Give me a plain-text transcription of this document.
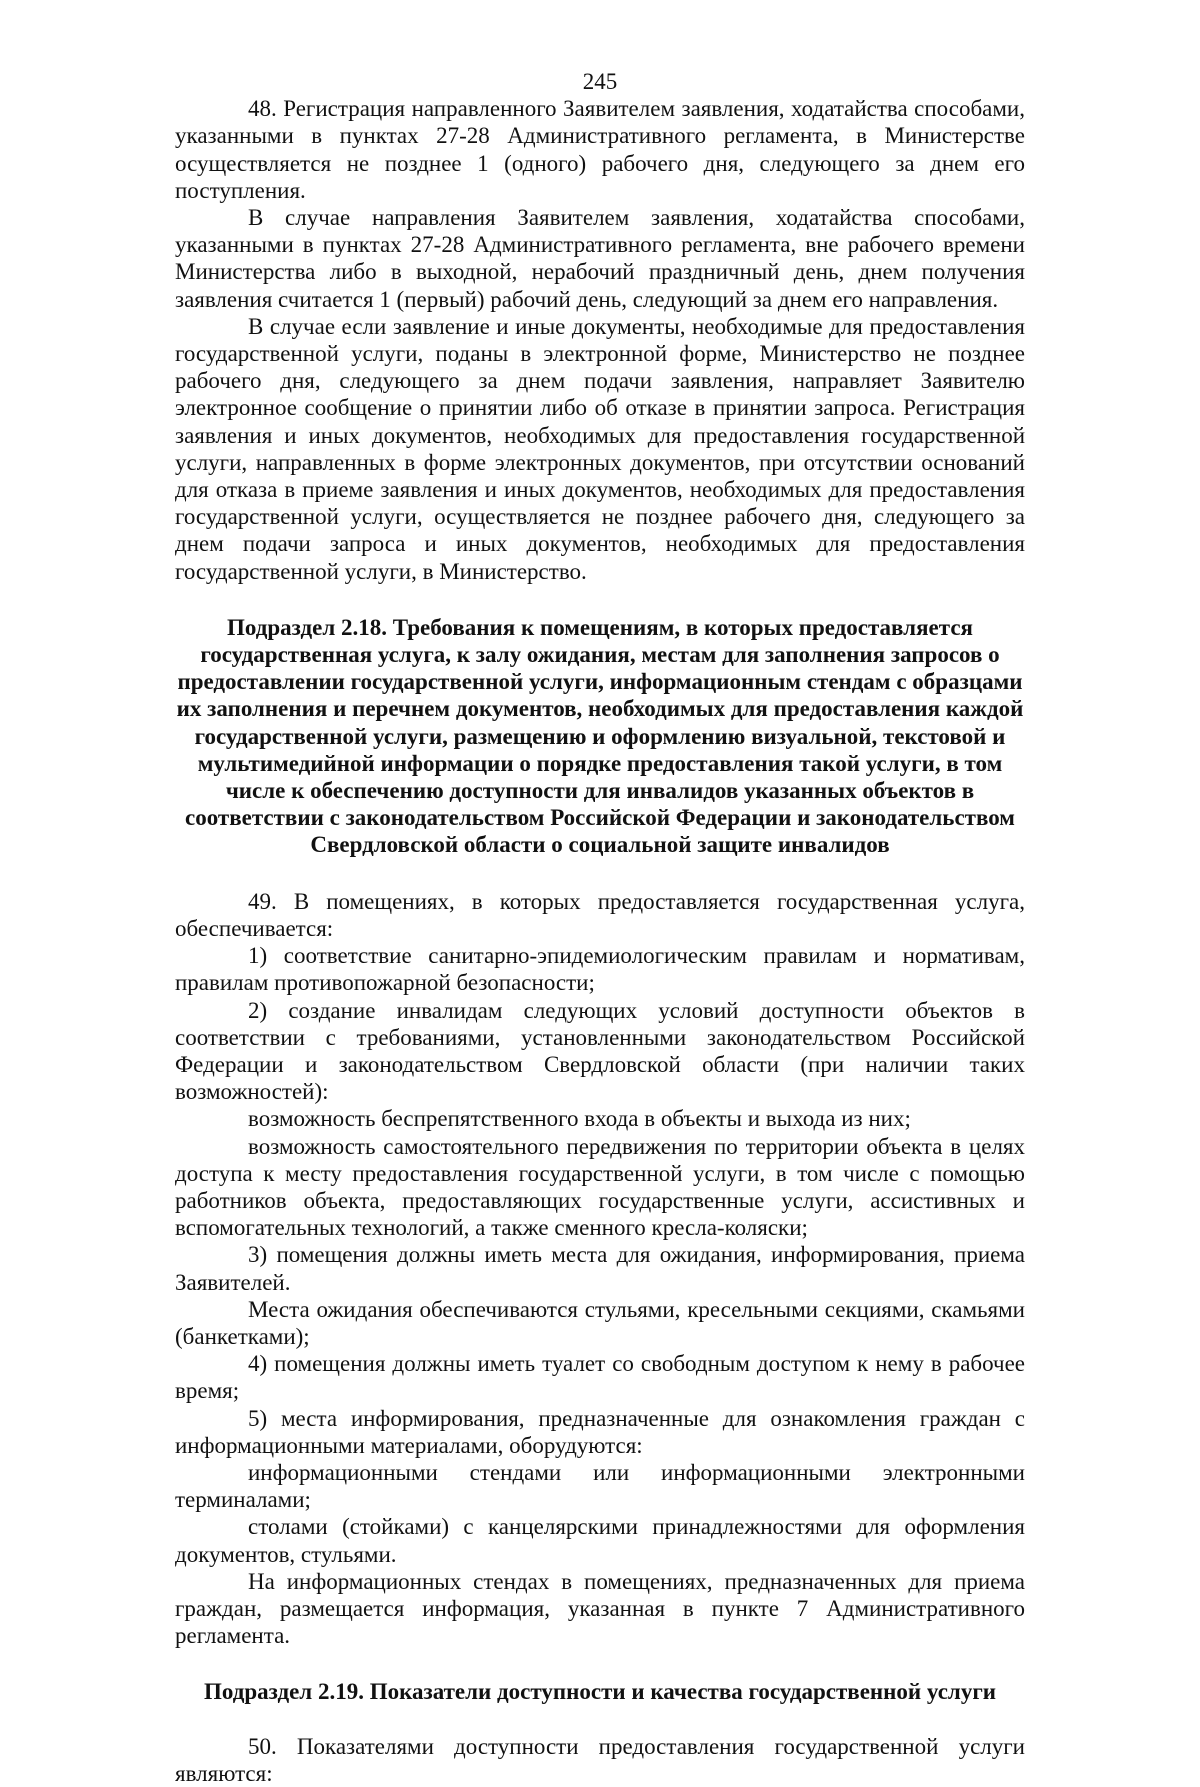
245

48. Регистрация направленного Заявителем заявления, ходатайства способами, указанными в пунктах 27-28 Административного регламента, в Министерстве осуществляется не позднее 1 (одного) рабочего дня, следующего за днем его поступления.

В случае направления Заявителем заявления, ходатайства способами, указанными в пунктах 27-28 Административного регламента, вне рабочего времени Министерства либо в выходной, нерабочий праздничный день, днем получения заявления считается 1 (первый) рабочий день, следующий за днем его направления.

В случае если заявление и иные документы, необходимые для предоставления государственной услуги, поданы в электронной форме, Министерство не позднее рабочего дня, следующего за днем подачи заявления, направляет Заявителю электронное сообщение о принятии либо об отказе в принятии запроса. Регистрация заявления и иных документов, необходимых для предоставления государственной услуги, направленных в форме электронных документов, при отсутствии оснований для отказа в приеме заявления и иных документов, необходимых для предоставления государственной услуги, осуществляется не позднее рабочего дня, следующего за днем подачи запроса и иных документов, необходимых для предоставления государственной услуги, в Министерство.

Подраздел 2.18. Требования к помещениям, в которых предоставляется государственная услуга, к залу ожидания, местам для заполнения запросов о предоставлении государственной услуги, информационным стендам с образцами их заполнения и перечнем документов, необходимых для предоставления каждой государственной услуги, размещению и оформлению визуальной, текстовой и мультимедийной информации о порядке предоставления такой услуги, в том числе к обеспечению доступности для инвалидов указанных объектов в соответствии с законодательством Российской Федерации и законодательством Свердловской области о социальной защите инвалидов

49. В помещениях, в которых предоставляется государственная услуга, обеспечивается:

1) соответствие санитарно-эпидемиологическим правилам и нормативам, правилам противопожарной безопасности;

2) создание инвалидам следующих условий доступности объектов в соответствии с требованиями, установленными законодательством Российской Федерации и законодательством Свердловской области (при наличии таких возможностей):

возможность беспрепятственного входа в объекты и выхода из них;

возможность самостоятельного передвижения по территории объекта в целях доступа к месту предоставления государственной услуги, в том числе с помощью работников объекта, предоставляющих государственные услуги, ассистивных и вспомогательных технологий, а также сменного кресла-коляски;

3) помещения должны иметь места для ожидания, информирования, приема Заявителей.

Места ожидания обеспечиваются стульями, кресельными секциями, скамьями (банкетками);

4) помещения должны иметь туалет со свободным доступом к нему в рабочее время;

5) места информирования, предназначенные для ознакомления граждан с информационными материалами, оборудуются:

информационными стендами или информационными электронными терминалами;

столами (стойками) с канцелярскими принадлежностями для оформления документов, стульями.

На информационных стендах в помещениях, предназначенных для приема граждан, размещается информация, указанная в пункте 7 Административного регламента.

Подраздел 2.19. Показатели доступности и качества государственной услуги

50. Показателями доступности предоставления государственной услуги являются:
